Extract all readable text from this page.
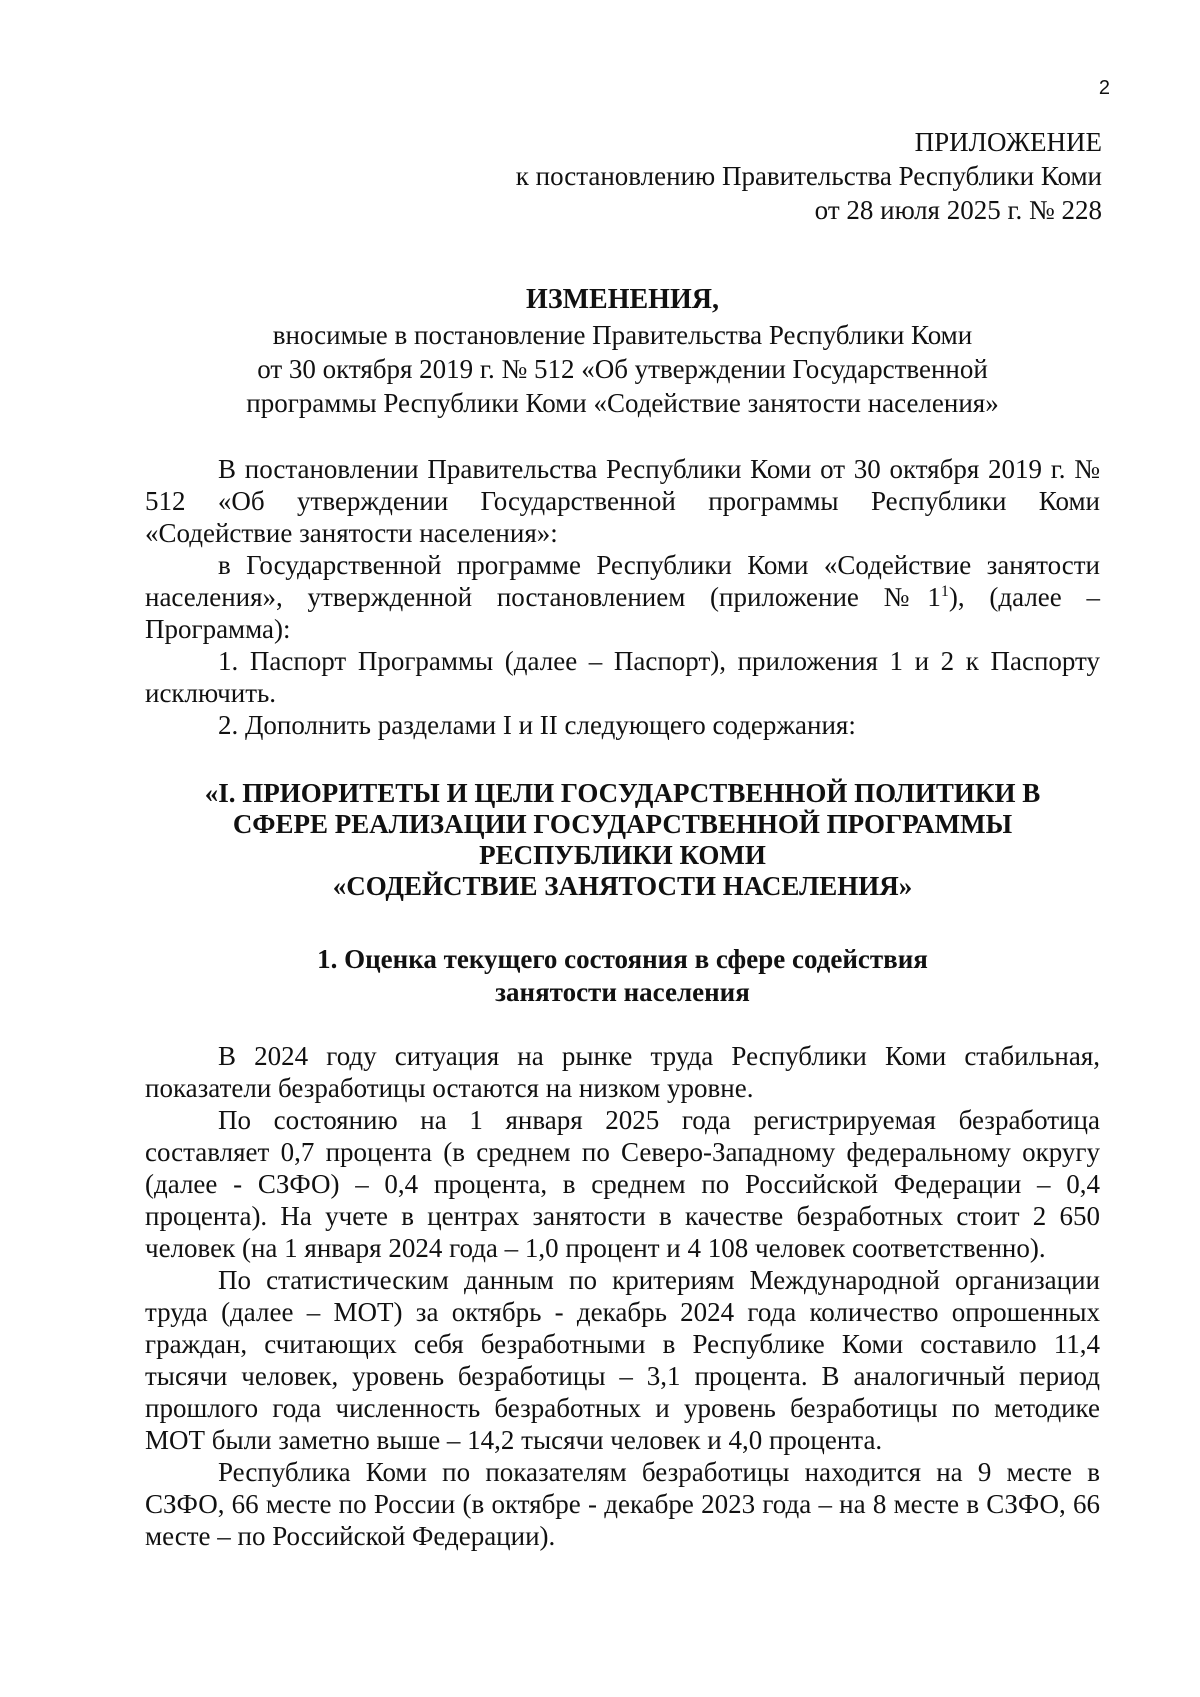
2
ПРИЛОЖЕНИЕ
к постановлению Правительства Республики Коми
от 28 июля 2025 г. № 228
ИЗМЕНЕНИЯ,
вносимые в постановление Правительства Республики Коми
от 30 октября 2019 г. № 512 «Об утверждении Государственной
программы Республики Коми «Содействие занятости населения»

В постановлении Правительства Республики Коми от 30 октября 2019 г. № 512 «Об утверждении Государственной программы Республики Коми «Содействие занятости населения»:

в Государственной программе Республики Коми «Содействие занятости населения», утвержденной постановлением (приложение $№1^1$), (далее – Программа):

1. Паспорт Программы (далее – Паспорт), приложения 1 и 2 к Паспорту исключить.

2. Дополнить разделами I и II следующего содержания:

«I. ПРИОРИТЕТЫ И ЦЕЛИ ГОСУДАРСТВЕННОЙ ПОЛИТИКИ В
СФЕРЕ РЕАЛИЗАЦИИ ГОСУДАРСТВЕННОЙ ПРОГРАММЫ
РЕСПУБЛИКИ КОМИ
«СОДЕЙСТВИЕ ЗАНЯТОСТИ НАСЕЛЕНИЯ»
1. Оценка текущего состояния в сфере содействия
занятости населения

В 2024 году ситуация на рынке труда Республики Коми стабильная, показатели безработицы остаются на низком уровне.

По состоянию на 1 января 2025 года регистрируемая безработица составляет 0,7 процента (в среднем по Северо-Западному федеральному округу (далее - СЗФО) – 0,4 процента, в среднем по Российской Федерации – 0,4 процента). На учете в центрах занятости в качестве безработных стоит 2 650 человек (на 1 января 2024 года – 1,0 процент и 4 108 человек соответственно).

По статистическим данным по критериям Международной организации труда (далее – МОТ) за октябрь - декабрь 2024 года количество опрошенных граждан, считающих себя безработными в Республике Коми составило 11,4 тысячи человек, уровень безработицы – 3,1 процента. В аналогичный период прошлого года численность безработных и уровень безработицы по методике МОТ были заметно выше – 14,2 тысячи человек и 4,0 процента.

Республика Коми по показателям безработицы находится на 9 месте в СЗФО, 66 месте по России (в октябре - декабре 2023 года – на 8 месте в СЗФО, 66 месте – по Российской Федерации).
